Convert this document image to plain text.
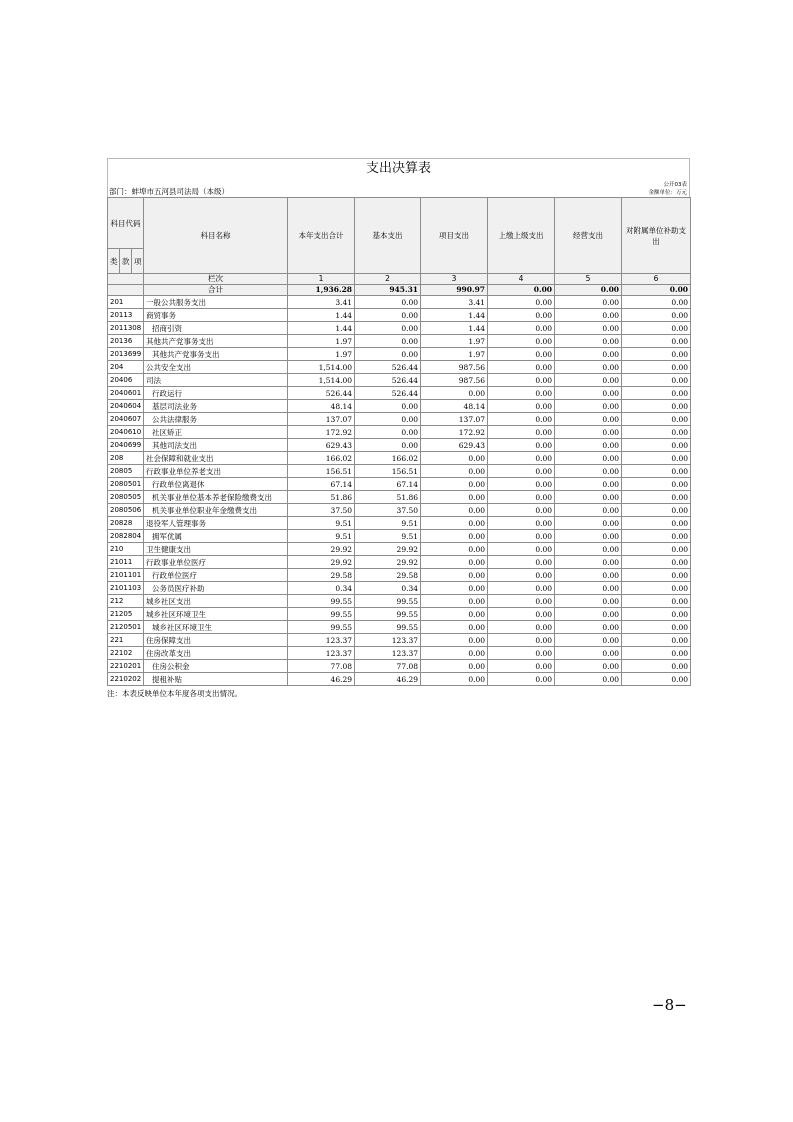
支出决算表
部门：蚌埠市五河县司法局（本级）
公开03表
金额单位：万元
科目代码			科目名称	本年支出合计	基本支出	项目支出	上缴上级支出	经营支出	对附属单位补助支出
类	款	项							
			栏次	1	2	3	4	5	6
			合计	1,936.28	945.31	990.97	0.00	0.00	0.00
201			一般公共服务支出	3.41	0.00	3.41	0.00	0.00	0.00
20113			商贸事务	1.44	0.00	1.44	0.00	0.00	0.00
2011308			招商引资	1.44	0.00	1.44	0.00	0.00	0.00
20136			其他共产党事务支出	1.97	0.00	1.97	0.00	0.00	0.00
2013699			其他共产党事务支出	1.97	0.00	1.97	0.00	0.00	0.00
204			公共安全支出	1,514.00	526.44	987.56	0.00	0.00	0.00
20406			司法	1,514.00	526.44	987.56	0.00	0.00	0.00
2040601			行政运行	526.44	526.44	0.00	0.00	0.00	0.00
2040604			基层司法业务	48.14	0.00	48.14	0.00	0.00	0.00
2040607			公共法律服务	137.07	0.00	137.07	0.00	0.00	0.00
2040610			社区矫正	172.92	0.00	172.92	0.00	0.00	0.00
2040699			其他司法支出	629.43	0.00	629.43	0.00	0.00	0.00
208			社会保障和就业支出	166.02	166.02	0.00	0.00	0.00	0.00
20805			行政事业单位养老支出	156.51	156.51	0.00	0.00	0.00	0.00
2080501			行政单位离退休	67.14	67.14	0.00	0.00	0.00	0.00
2080505			机关事业单位基本养老保险缴费支出	51.86	51.86	0.00	0.00	0.00	0.00
2080506			机关事业单位职业年金缴费支出	37.50	37.50	0.00	0.00	0.00	0.00
20828			退役军人管理事务	9.51	9.51	0.00	0.00	0.00	0.00
2082804			拥军优属	9.51	9.51	0.00	0.00	0.00	0.00
210			卫生健康支出	29.92	29.92	0.00	0.00	0.00	0.00
21011			行政事业单位医疗	29.92	29.92	0.00	0.00	0.00	0.00
2101101			行政单位医疗	29.58	29.58	0.00	0.00	0.00	0.00
2101103			公务员医疗补助	0.34	0.34	0.00	0.00	0.00	0.00
212			城乡社区支出	99.55	99.55	0.00	0.00	0.00	0.00
21205			城乡社区环境卫生	99.55	99.55	0.00	0.00	0.00	0.00
2120501			城乡社区环境卫生	99.55	99.55	0.00	0.00	0.00	0.00
221			住房保障支出	123.37	123.37	0.00	0.00	0.00	0.00
22102			住房改革支出	123.37	123.37	0.00	0.00	0.00	0.00
2210201			住房公积金	77.08	77.08	0.00	0.00	0.00	0.00
2210202			提租补贴	46.29	46.29	0.00	0.00	0.00	0.00
注：本表反映单位本年度各项支出情况。
−8−
